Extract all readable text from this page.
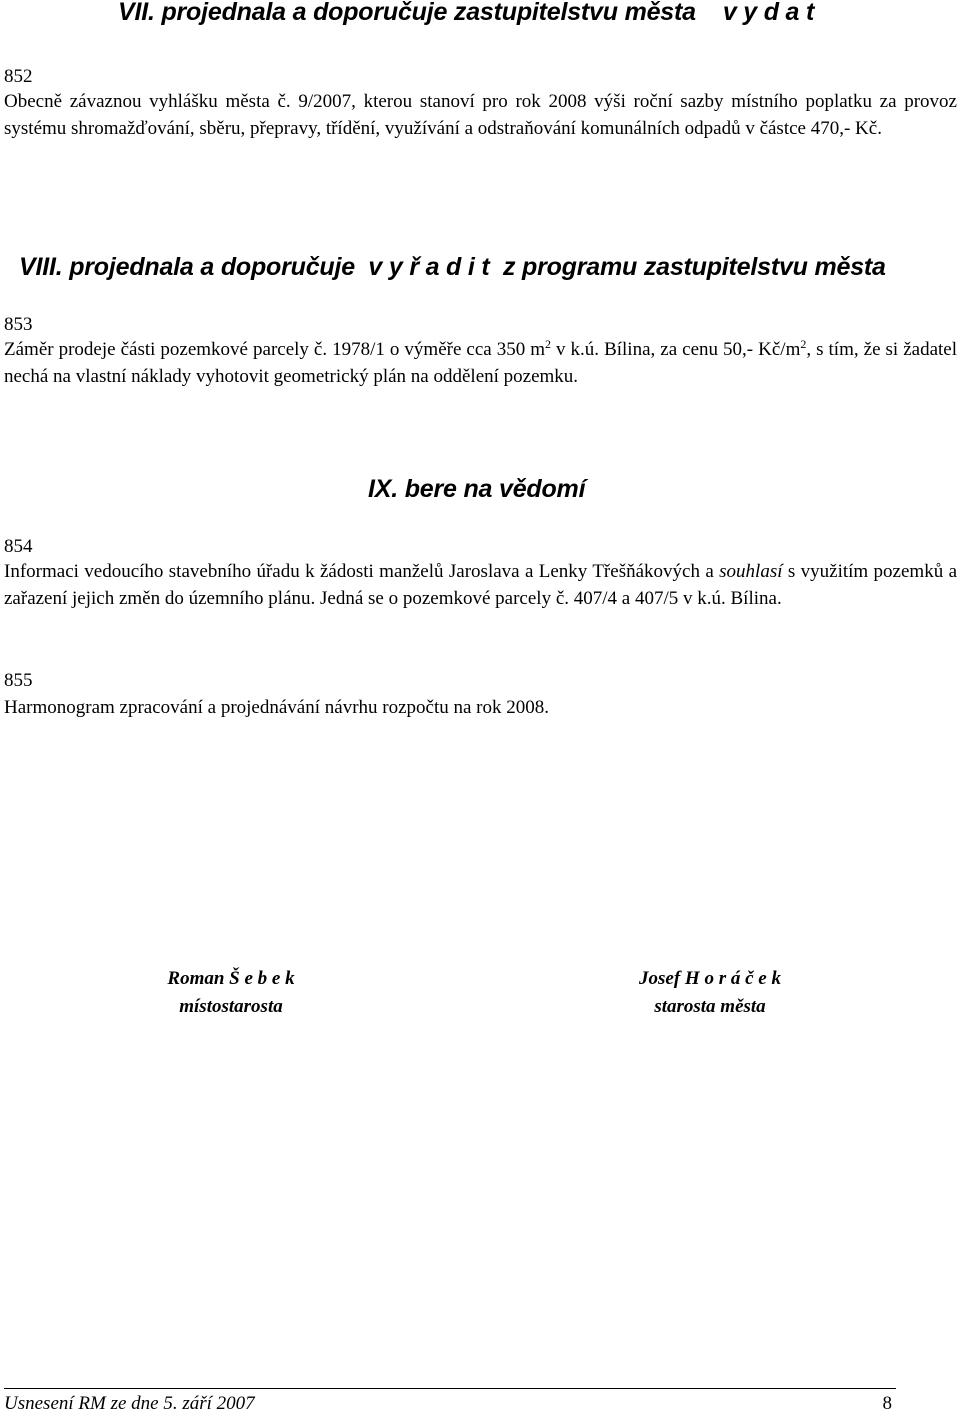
VII. projednala a doporučuje zastupitelstvu města    v y d a t
852
Obecně závaznou vyhlášku města č. 9/2007, kterou stanoví pro rok 2008 výši roční sazby místního poplatku za provoz systému shromažďování, sběru, přepravy, třídění, využívání a odstraňování komunálních odpadů v částce 470,- Kč.
VIII. projednala a doporučuje  v y ř a d i t  z programu zastupitelstvu města
853
Záměr prodeje části pozemkové parcely č. 1978/1 o výměře cca 350 $m^2$ v k.ú. Bílina, za cenu 50,- $Kč/m^2$, s tím, že si žadatel nechá na vlastní náklady vyhotovit geometrický plán na oddělení pozemku.
IX. bere na vědomí
854
Informaci vedoucího stavebního úřadu k žádosti manželů Jaroslava a Lenky Třešňákových a souhlasí s využitím pozemků a zařazení jejich změn do územního plánu. Jedná se o pozemkové parcely č. 407/4 a 407/5 v k.ú. Bílina.
855
Harmonogram zpracování a projednávání návrhu rozpočtu na rok 2008.
Roman Š e b e k
místostarosta
Josef H o r á č e k
starosta města
Usnesení RM ze dne 5. září 2007	8
